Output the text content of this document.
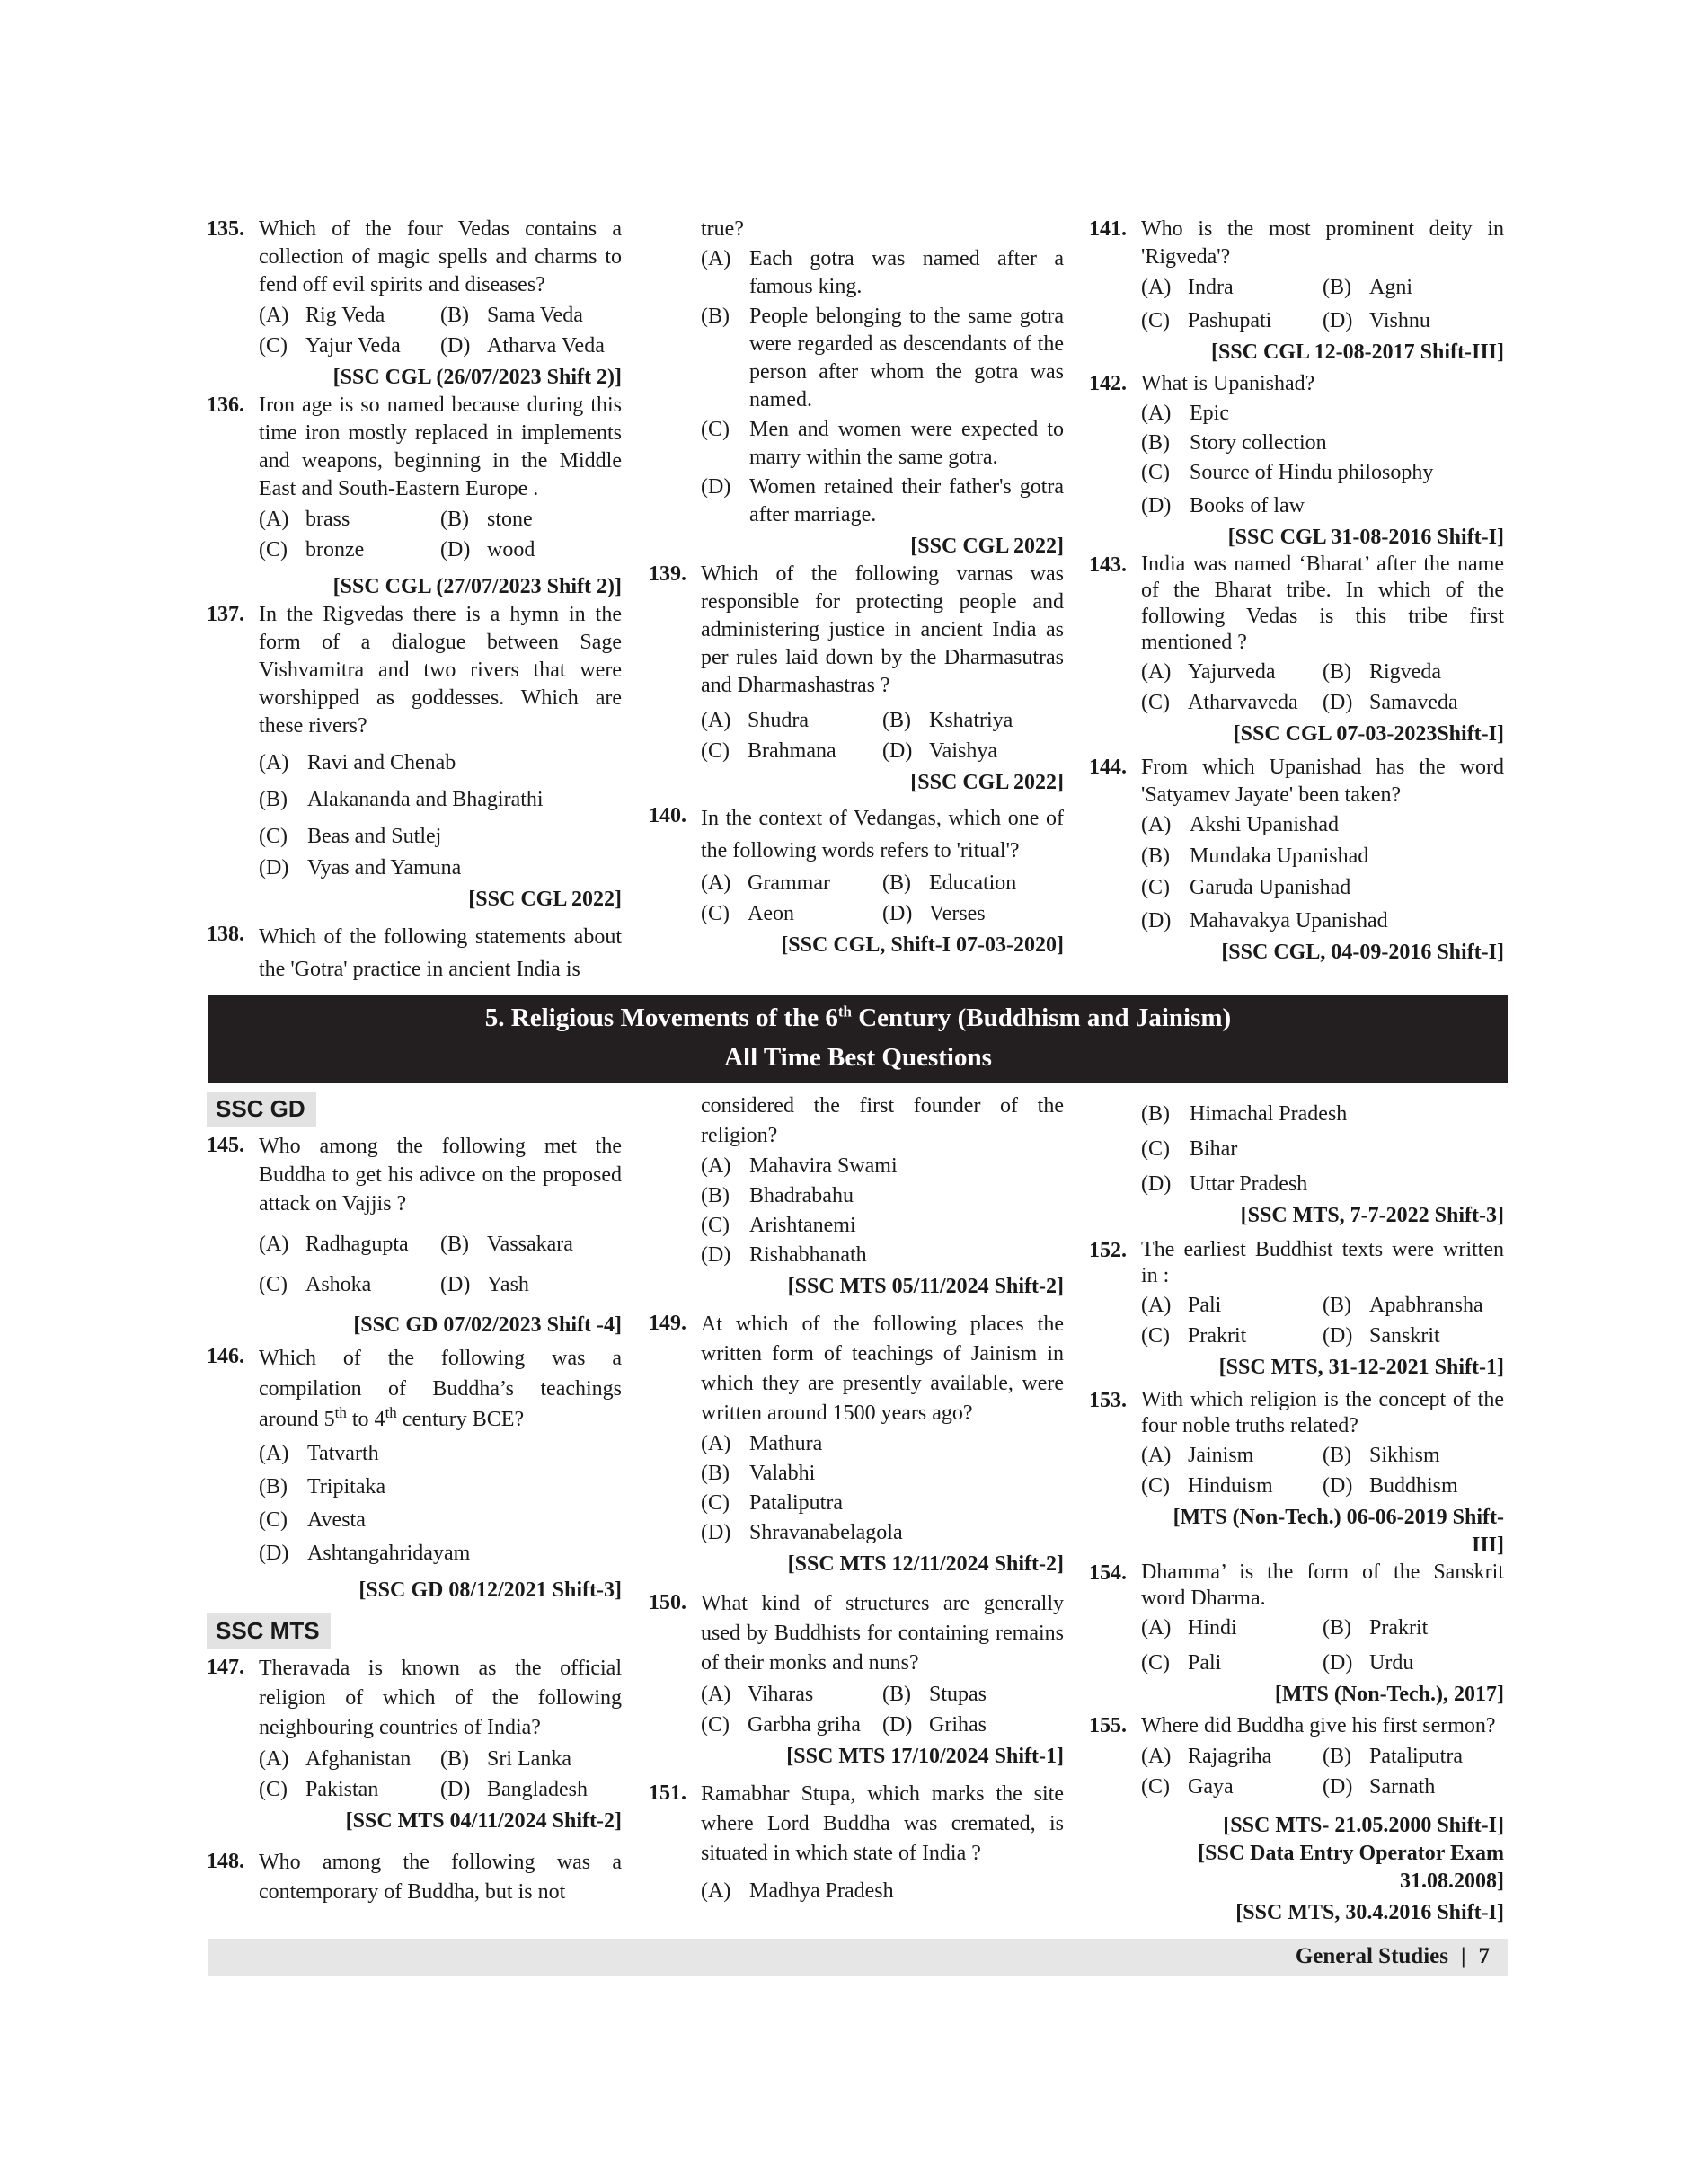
135. Which of the four Vedas contains a collection of magic spells and charms to fend off evil spirits and diseases?
(A) Rig Veda	(B) Sama Veda
(C) Yajur Veda	(D) Atharva Veda
[SSC CGL (26/07/2023 Shift 2)]
136. Iron age is so named because during this time iron mostly replaced in implements and weapons, beginning in the Middle East and South-Eastern Europe .
(A) brass	(B) stone
(C) bronze	(D) wood
[SSC CGL (27/07/2023 Shift 2)]
137. In the Rigvedas there is a hymn in the form of a dialogue between Sage Vishvamitra and two rivers that were worshipped as goddesses. Which are these rivers?
(A) Ravi and Chenab
(B) Alakananda and Bhagirathi
(C) Beas and Sutlej
(D) Vyas and Yamuna
[SSC CGL 2022]
138. Which of the following statements about the 'Gotra' practice in ancient India is
true?
(A) Each gotra was named after a famous king.
(B) People belonging to the same gotra were regarded as descendants of the person after whom the gotra was named.
(C) Men and women were expected to marry within the same gotra.
(D) Women retained their father's gotra after marriage.
[SSC CGL 2022]
139. Which of the following varnas was responsible for protecting people and administering justice in ancient India as per rules laid down by the Dharmasutras and Dharmashastras ?
(A) Shudra	(B) Kshatriya
(C) Brahmana	(D) Vaishya
[SSC CGL 2022]
140. In the context of Vedangas, which one of the following words refers to 'ritual'?
(A) Grammar	(B) Education
(C) Aeon	(D) Verses
[SSC CGL, Shift-I 07-03-2020]
141. Who is the most prominent deity in 'Rigveda'?
(A) Indra	(B) Agni
(C) Pashupati	(D) Vishnu
[SSC CGL 12-08-2017 Shift-III]
142. What is Upanishad?
(A) Epic
(B) Story collection
(C) Source of Hindu philosophy
(D) Books of law
[SSC CGL 31-08-2016 Shift-I]
143. India was named ‘Bharat’ after the name of the Bharat tribe. In which of the following Vedas is this tribe first mentioned ?
(A) Yajurveda	(B) Rigveda
(C) Atharvaveda	(D) Samaveda
[SSC CGL 07-03-2023Shift-I]
144. From which Upanishad has the word 'Satyamev Jayate' been taken?
(A) Akshi Upanishad
(B) Mundaka Upanishad
(C) Garuda Upanishad
(D) Mahavakya Upanishad
[SSC CGL, 04-09-2016 Shift-I]
5. Religious Movements of the 6th Century (Buddhism and Jainism)
All Time Best Questions
SSC GD
145. Who among the following met the Buddha to get his adivce on the proposed attack on Vajjis ?
(A) Radhagupta	(B) Vassakara
(C) Ashoka	(D) Yash
[SSC GD 07/02/2023 Shift -4]
146. Which of the following was a compilation of Buddha’s teachings around 5th to 4th century BCE?
(A) Tatvarth
(B) Tripitaka
(C) Avesta
(D) Ashtangahridayam
[SSC GD 08/12/2021 Shift-3]
SSC MTS
147. Theravada is known as the official religion of which of the following neighbouring countries of India?
(A) Afghanistan	(B) Sri Lanka
(C) Pakistan	(D) Bangladesh
[SSC MTS 04/11/2024 Shift-2]
148. Who among the following was a contemporary of Buddha, but is not
considered the first founder of the religion?
(A) Mahavira Swami
(B) Bhadrabahu
(C) Arishtanemi
(D) Rishabhanath
[SSC MTS 05/11/2024 Shift-2]
149. At which of the following places the written form of teachings of Jainism in which they are presently available, were written around 1500 years ago?
(A) Mathura
(B) Valabhi
(C) Pataliputra
(D) Shravanabelagola
[SSC MTS 12/11/2024 Shift-2]
150. What kind of structures are generally used by Buddhists for containing remains of their monks and nuns?
(A) Viharas	(B) Stupas
(C) Garbha griha	(D) Grihas
[SSC MTS 17/10/2024 Shift-1]
151. Ramabhar Stupa, which marks the site where Lord Buddha was cremated, is situated in which state of India ?
(A) Madhya Pradesh
(B) Himachal Pradesh
(C) Bihar
(D) Uttar Pradesh
[SSC MTS, 7-7-2022 Shift-3]
152. The earliest Buddhist texts were written in :
(A) Pali	(B) Apabhransha
(C) Prakrit	(D) Sanskrit
[SSC MTS, 31-12-2021 Shift-1]
153. With which religion is the concept of the four noble truths related?
(A) Jainism	(B) Sikhism
(C) Hinduism	(D) Buddhism
[MTS (Non-Tech.) 06-06-2019 Shift-III]
154. Dhamma’ is the form of the Sanskrit word Dharma.
(A) Hindi	(B) Prakrit
(C) Pali	(D) Urdu
[MTS (Non-Tech.), 2017]
155. Where did Buddha give his first sermon?
(A) Rajagriha	(B) Pataliputra
(C) Gaya	(D) Sarnath
[SSC MTS- 21.05.2000 Shift-I]
[SSC Data Entry Operator Exam
31.08.2008]
[SSC MTS, 30.4.2016 Shift-I]
General Studies | 7
